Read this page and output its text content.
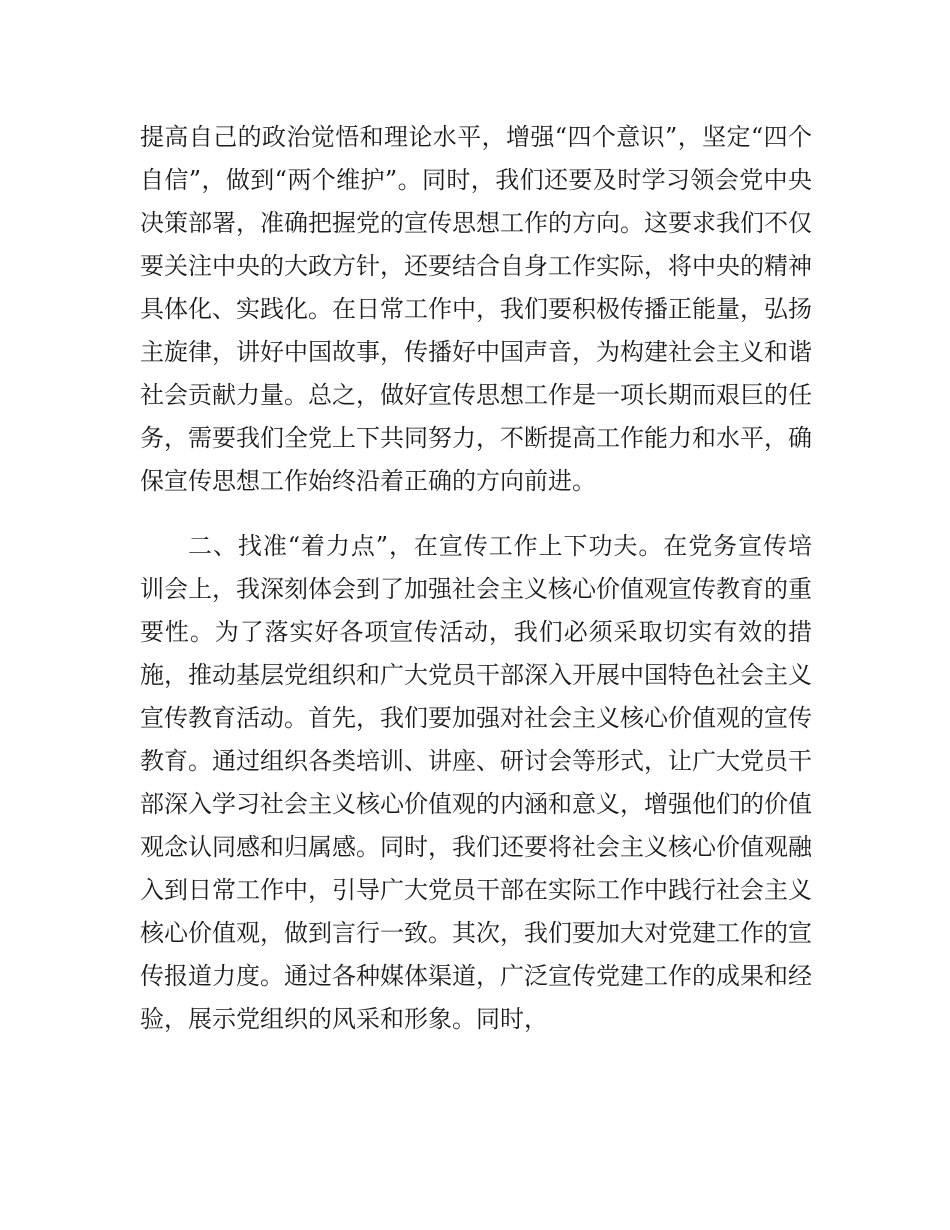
提高自己的政治觉悟和理论水平，增强“四个意识”，坚定“四个自信”，做到“两个维护”。同时，我们还要及时学习领会党中央决策部署，准确把握党的宣传思想工作的方向。这要求我们不仅要关注中央的大政方针，还要结合自身工作实际，将中央的精神具体化、实践化。在日常工作中，我们要积极传播正能量，弘扬主旋律，讲好中国故事，传播好中国声音，为构建社会主义和谐社会贡献力量。总之，做好宣传思想工作是一项长期而艰巨的任务，需要我们全党上下共同努力，不断提高工作能力和水平，确保宣传思想工作始终沿着正确的方向前进。

二、找准“着力点”，在宣传工作上下功夫。在党务宣传培训会上，我深刻体会到了加强社会主义核心价值观宣传教育的重要性。为了落实好各项宣传活动，我们必须采取切实有效的措施，推动基层党组织和广大党员干部深入开展中国特色社会主义宣传教育活动。首先，我们要加强对社会主义核心价值观的宣传教育。通过组织各类培训、讲座、研讨会等形式，让广大党员干部深入学习社会主义核心价值观的内涵和意义，增强他们的价值观念认同感和归属感。同时，我们还要将社会主义核心价值观融入到日常工作中，引导广大党员干部在实际工作中践行社会主义核心价值观，做到言行一致。其次，我们要加大对党建工作的宣传报道力度。通过各种媒体渠道，广泛宣传党建工作的成果和经验，展示党组织的风采和形象。同时，
